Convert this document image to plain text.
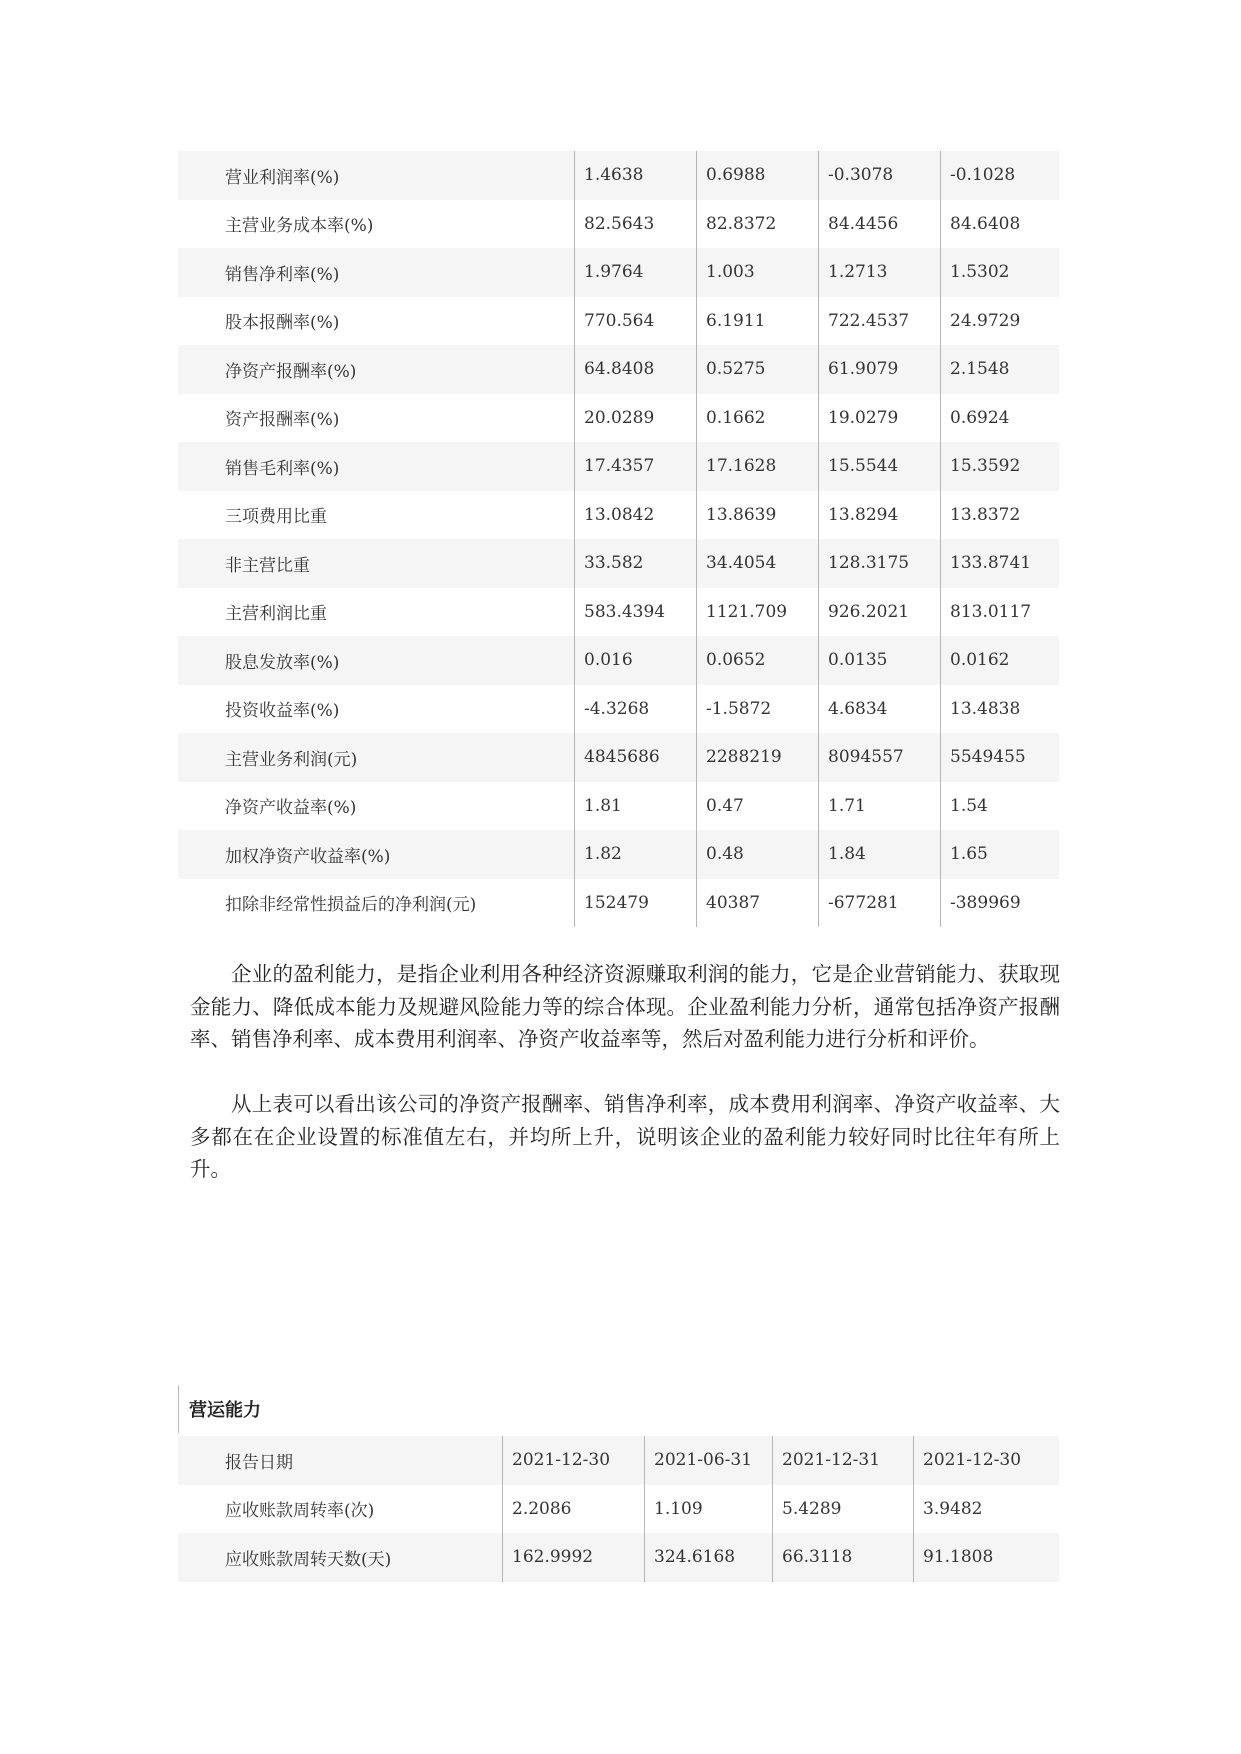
营业利润率(%)	1.4638	0.6988	-0.3078	-0.1028
主营业务成本率(%)	82.5643	82.8372	84.4456	84.6408
销售净利率(%)	1.9764	1.003	1.2713	1.5302
股本报酬率(%)	770.564	6.1911	722.4537	24.9729
净资产报酬率(%)	64.8408	0.5275	61.9079	2.1548
资产报酬率(%)	20.0289	0.1662	19.0279	0.6924
销售毛利率(%)	17.4357	17.1628	15.5544	15.3592
三项费用比重	13.0842	13.8639	13.8294	13.8372
非主营比重	33.582	34.4054	128.3175	133.8741
主营利润比重	583.4394	1121.709	926.2021	813.0117
股息发放率(%)	0.016	0.0652	0.0135	0.0162
投资收益率(%)	-4.3268	-1.5872	4.6834	13.4838
主营业务利润(元)	4845686	2288219	8094557	5549455
净资产收益率(%)	1.81	0.47	1.71	1.54
加权净资产收益率(%)	1.82	0.48	1.84	1.65
扣除非经常性损益后的净利润(元)	152479	40387	-677281	-389969

企业的盈利能力，是指企业利用各种经济资源赚取利润的能力，它是企业营销能力、获取现金能力、降低成本能力及规避风险能力等的综合体现。企业盈利能力分析，通常包括净资产报酬率、销售净利率、成本费用利润率、净资产收益率等，然后对盈利能力进行分析和评价。

从上表可以看出该公司的净资产报酬率、销售净利率，成本费用利润率、净资产收益率、大多都在在企业设置的标准值左右，并均所上升，说明该企业的盈利能力较好同时比往年有所上升。

营运能力
报告日期	2021-12-30	2021-06-31	2021-12-31	2021-12-30
应收账款周转率(次)	2.2086	1.109	5.4289	3.9482
应收账款周转天数(天)	162.9992	324.6168	66.3118	91.1808
